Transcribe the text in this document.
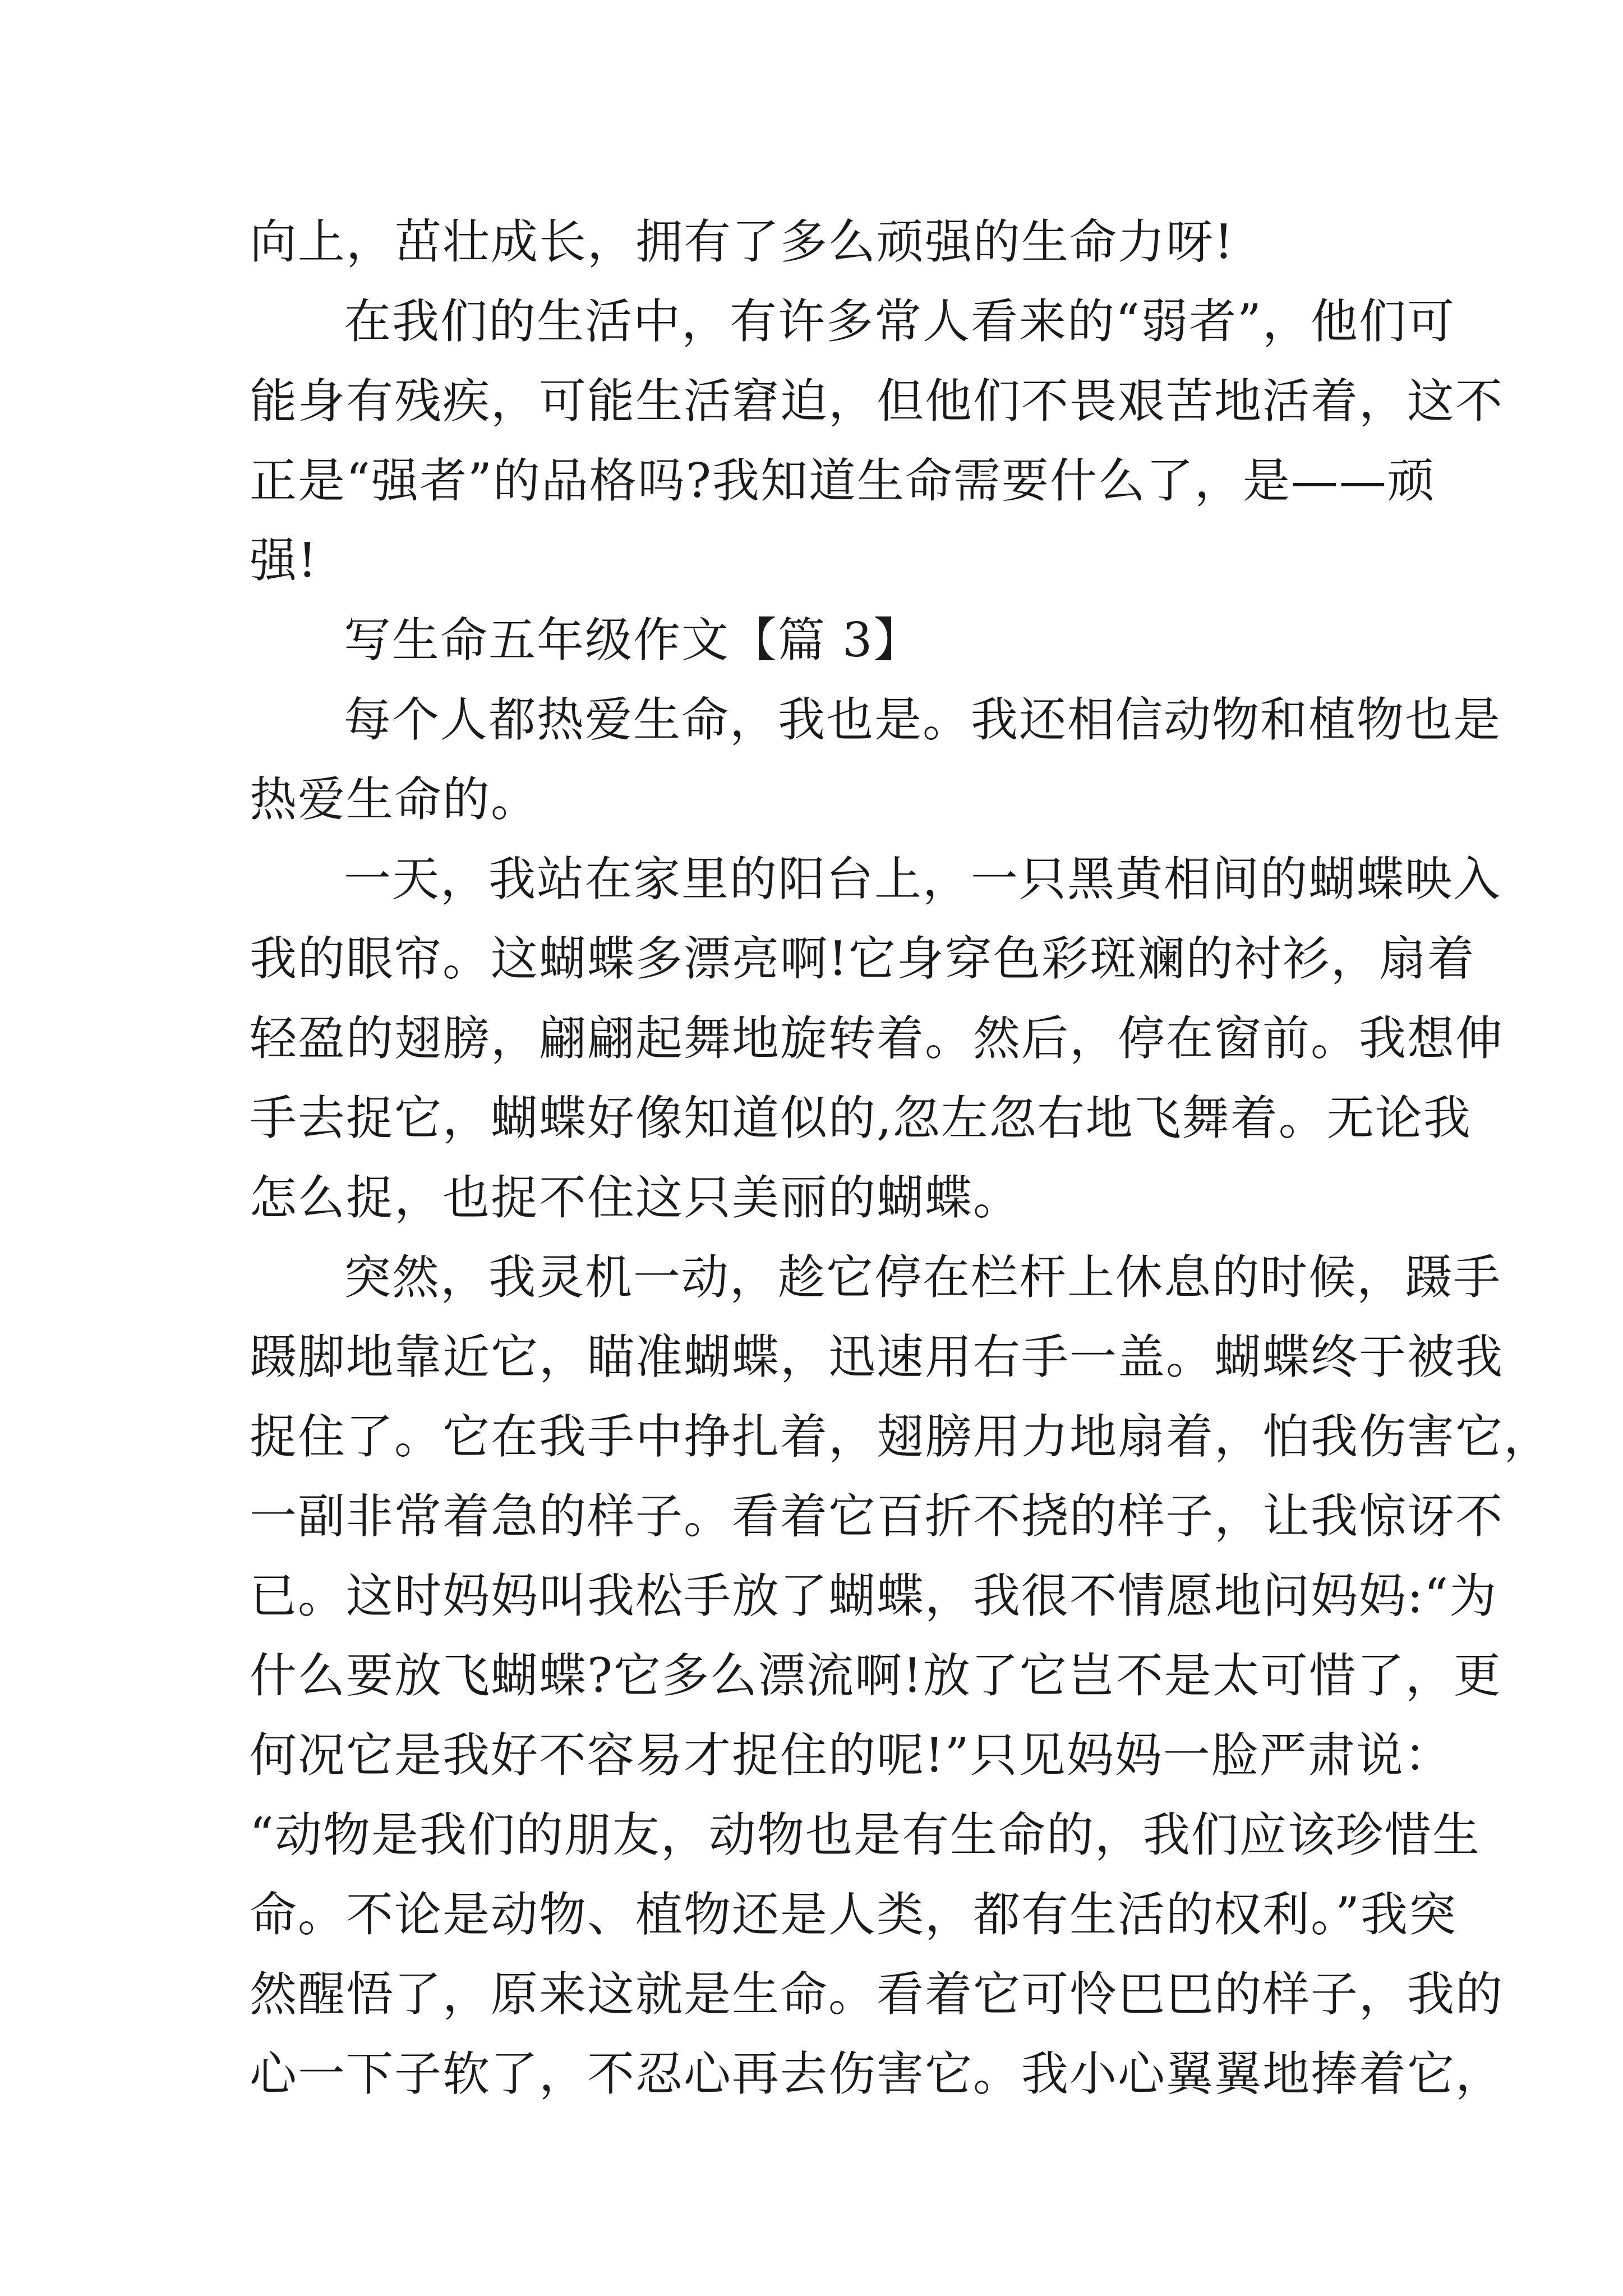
向上，茁壮成长，拥有了多么顽强的生命力呀!
在我们的生活中，有许多常人看来的“弱者”，他们可
能身有残疾，可能生活窘迫，但他们不畏艰苦地活着，这不
正是“强者”的品格吗?我知道生命需要什么了，是——顽
强!
写生命五年级作文【篇 3】
每个人都热爱生命，我也是。我还相信动物和植物也是
热爱生命的。
一天，我站在家里的阳台上，一只黑黄相间的蝴蝶映入
我的眼帘。这蝴蝶多漂亮啊!它身穿色彩斑斓的衬衫，扇着
轻盈的翅膀，翩翩起舞地旋转着。然后，停在窗前。我想伸
手去捉它，蝴蝶好像知道似的,忽左忽右地飞舞着。无论我
怎么捉，也捉不住这只美丽的蝴蝶。
突然，我灵机一动，趁它停在栏杆上休息的时候，蹑手
蹑脚地靠近它，瞄准蝴蝶，迅速用右手一盖。蝴蝶终于被我
捉住了。它在我手中挣扎着，翅膀用力地扇着，怕我伤害它，
一副非常着急的样子。看着它百折不挠的样子，让我惊讶不
已。这时妈妈叫我松手放了蝴蝶，我很不情愿地问妈妈:“为
什么要放飞蝴蝶?它多么漂流啊!放了它岂不是太可惜了，更
何况它是我好不容易才捉住的呢!”只见妈妈一脸严肃说：
“动物是我们的朋友，动物也是有生命的，我们应该珍惜生
命。不论是动物、植物还是人类，都有生活的权利。”我突
然醒悟了，原来这就是生命。看着它可怜巴巴的样子，我的
心一下子软了，不忍心再去伤害它。我小心翼翼地捧着它，
